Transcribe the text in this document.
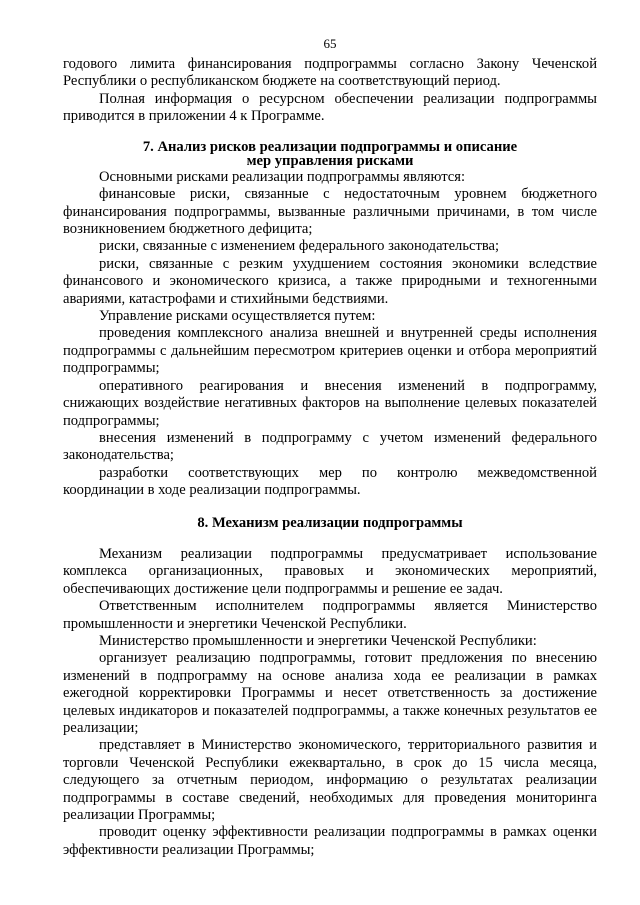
65

годового лимита финансирования подпрограммы согласно Закону Чеченской Республики о республиканском бюджете на соответствующий период.

Полная информация о ресурсном обеспечении реализации подпрограммы приводится в приложении 4 к Программе.

7. Анализ рисков реализации подпрограммы и описание
мер управления рисками

Основными рисками реализации подпрограммы являются:

финансовые риски, связанные с недостаточным уровнем бюджетного финансирования подпрограммы, вызванные различными причинами, в том числе возникновением бюджетного дефицита;

риски, связанные с изменением федерального законодательства;

риски, связанные с резким ухудшением состояния экономики вследствие финансового и экономического кризиса, а также природными и техногенными авариями, катастрофами и стихийными бедствиями.

Управление рисками осуществляется путем:

проведения комплексного анализа внешней и внутренней среды исполнения подпрограммы с дальнейшим пересмотром критериев оценки и отбора мероприятий подпрограммы;

оперативного реагирования и внесения изменений в подпрограмму, снижающих воздействие негативных факторов на выполнение целевых показателей подпрограммы;

внесения изменений в подпрограмму с учетом изменений федерального законодательства;

разработки соответствующих мер по контролю межведомственной координации в ходе реализации подпрограммы.

8. Механизм реализации подпрограммы

Механизм реализации подпрограммы предусматривает использование комплекса организационных, правовых и экономических мероприятий, обеспечивающих достижение цели подпрограммы и решение ее задач.

Ответственным исполнителем подпрограммы является Министерство промышленности и энергетики Чеченской Республики.

Министерство промышленности и энергетики Чеченской Республики:

организует реализацию подпрограммы, готовит предложения по внесению изменений в подпрограмму на основе анализа хода ее реализации в рамках ежегодной корректировки Программы и несет ответственность за достижение целевых индикаторов и показателей подпрограммы, а также конечных результатов ее реализации;

представляет в Министерство экономического, территориального развития и торговли Чеченской Республики ежеквартально, в срок до 15 числа месяца, следующего за отчетным периодом, информацию о результатах реализации подпрограммы в составе сведений, необходимых для проведения мониторинга реализации Программы;

проводит оценку эффективности реализации подпрограммы в рамках оценки эффективности реализации Программы;
